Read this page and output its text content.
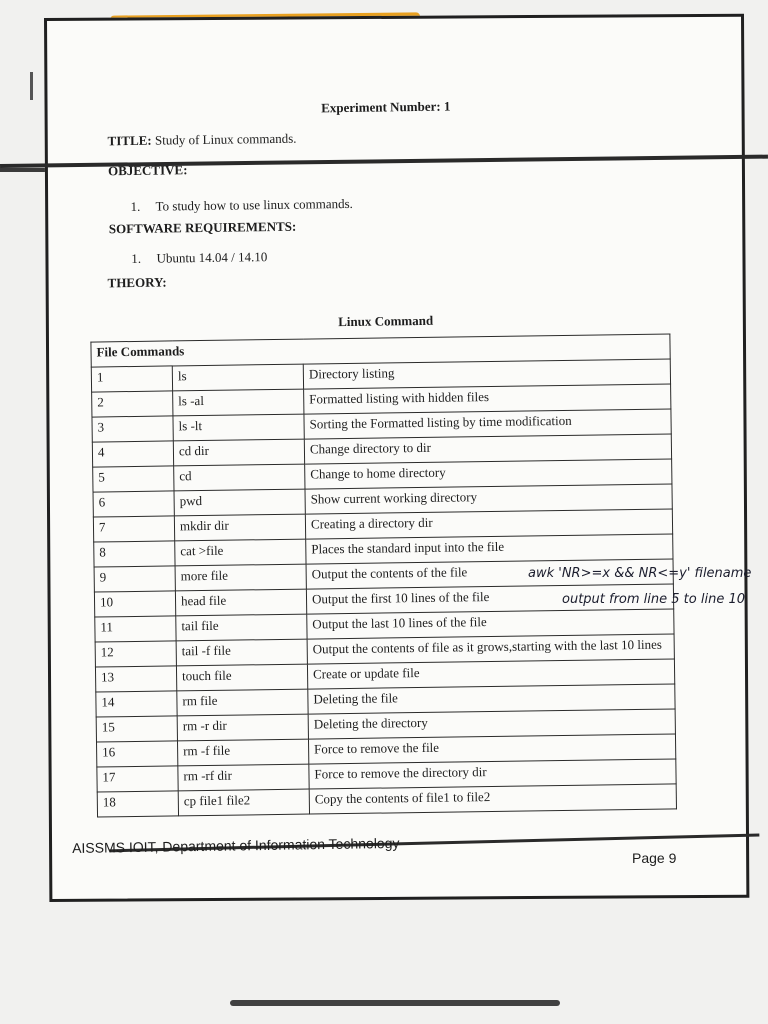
Experiment Number: 1
TITLE: Study of Linux commands.
OBJECTIVE:
1. To study how to use linux commands.
SOFTWARE REQUIREMENTS:
1. Ubuntu 14.04 / 14.10
THEORY:
Linux Command
File Commands		
1	ls	Directory listing
2	ls -al	Formatted listing with hidden files
3	ls -lt	Sorting the Formatted listing by time modification
4	cd dir	Change directory to dir
5	cd	Change to home directory
6	pwd	Show current working directory
7	mkdir dir	Creating a directory dir
8	cat >file	Places the standard input into the file
9	more file	Output the contents of the file
10	head file	Output the first 10 lines of the file
11	tail file	Output the last 10 lines of the file
12	tail -f file	Output the contents of file as it grows,starting with the last 10 lines
13	touch file	Create or update file
14	rm file	Deleting the file
15	rm -r dir	Deleting the directory
16	rm -f file	Force to remove the file
17	rm -rf dir	Force to remove the directory dir
18	cp file1 file2	Copy the contents of file1 to file2
awk 'NR>=x && NR<=y' filename
output from line 5 to line 10
AISSMS IOIT, Department of Information Technology
Page 9
